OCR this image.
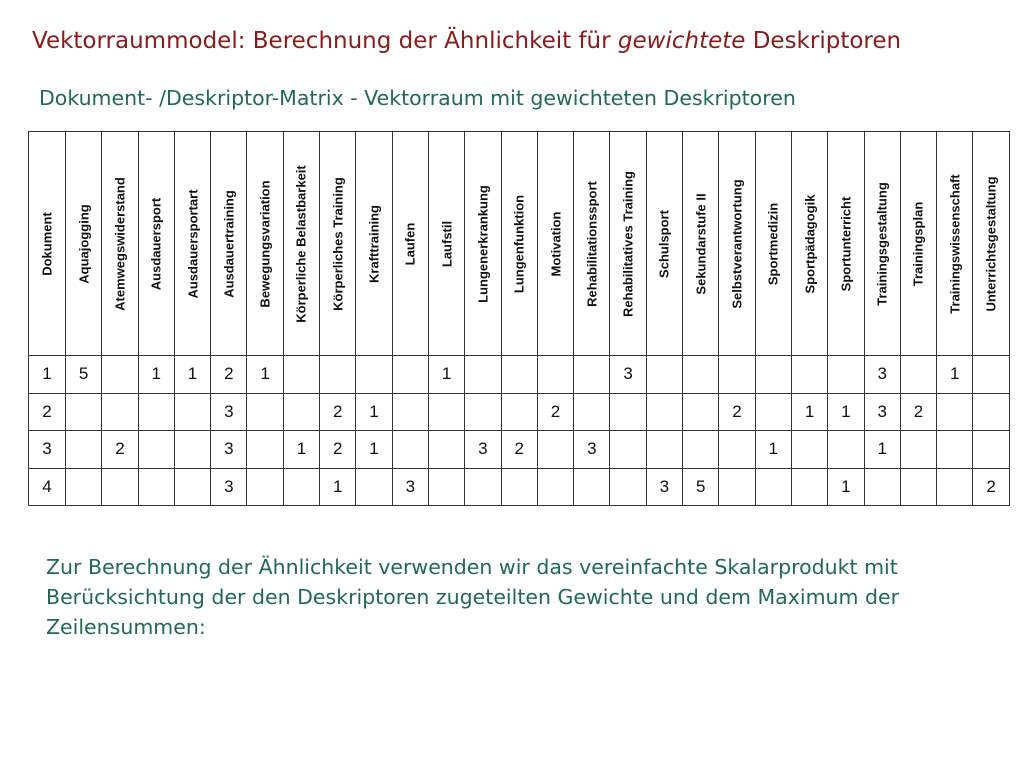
Vektorraummodel: Berechnung der Ähnlichkeit für gewichtete Deskriptoren
Dokument- /Deskriptor-Matrix - Vektorraum mit gewichteten Deskriptoren
Dokument	Aquajogging	Atemwegswiderstand	Ausdauersport	Ausdauersportart	Ausdauertraining	Bewegungsvariation	Körperliche Belastbarkeit	Körperliches Training	Krafttraining	Laufen	Laufstil	Lungenerkrankung	Lungenfunktion	Motivation	Rehabilitationssport	Rehabilitatives Training	Schulsport	Sekundarstufe II	Selbstverantwortung	Sportmedizin	Sportpädagogik	Sportunterricht	Trainingsgestaltung	Trainingsplan	Trainingswissenschaft	Unterrichtsgestaltung

1	5		1	1	2	1					1					3							3		1	
2					3			2	1					2					2		1	1	3	2		
3		2			3		1	2	1			3	2		3					1			1			
4					3			1		3							3	5				1				2
Zur Berechnung der Ähnlichkeit verwenden wir das vereinfachte Skalarprodukt mit Berücksichtung der den Deskriptoren zugeteilten Gewichte und dem Maximum der Zeilensummen:
